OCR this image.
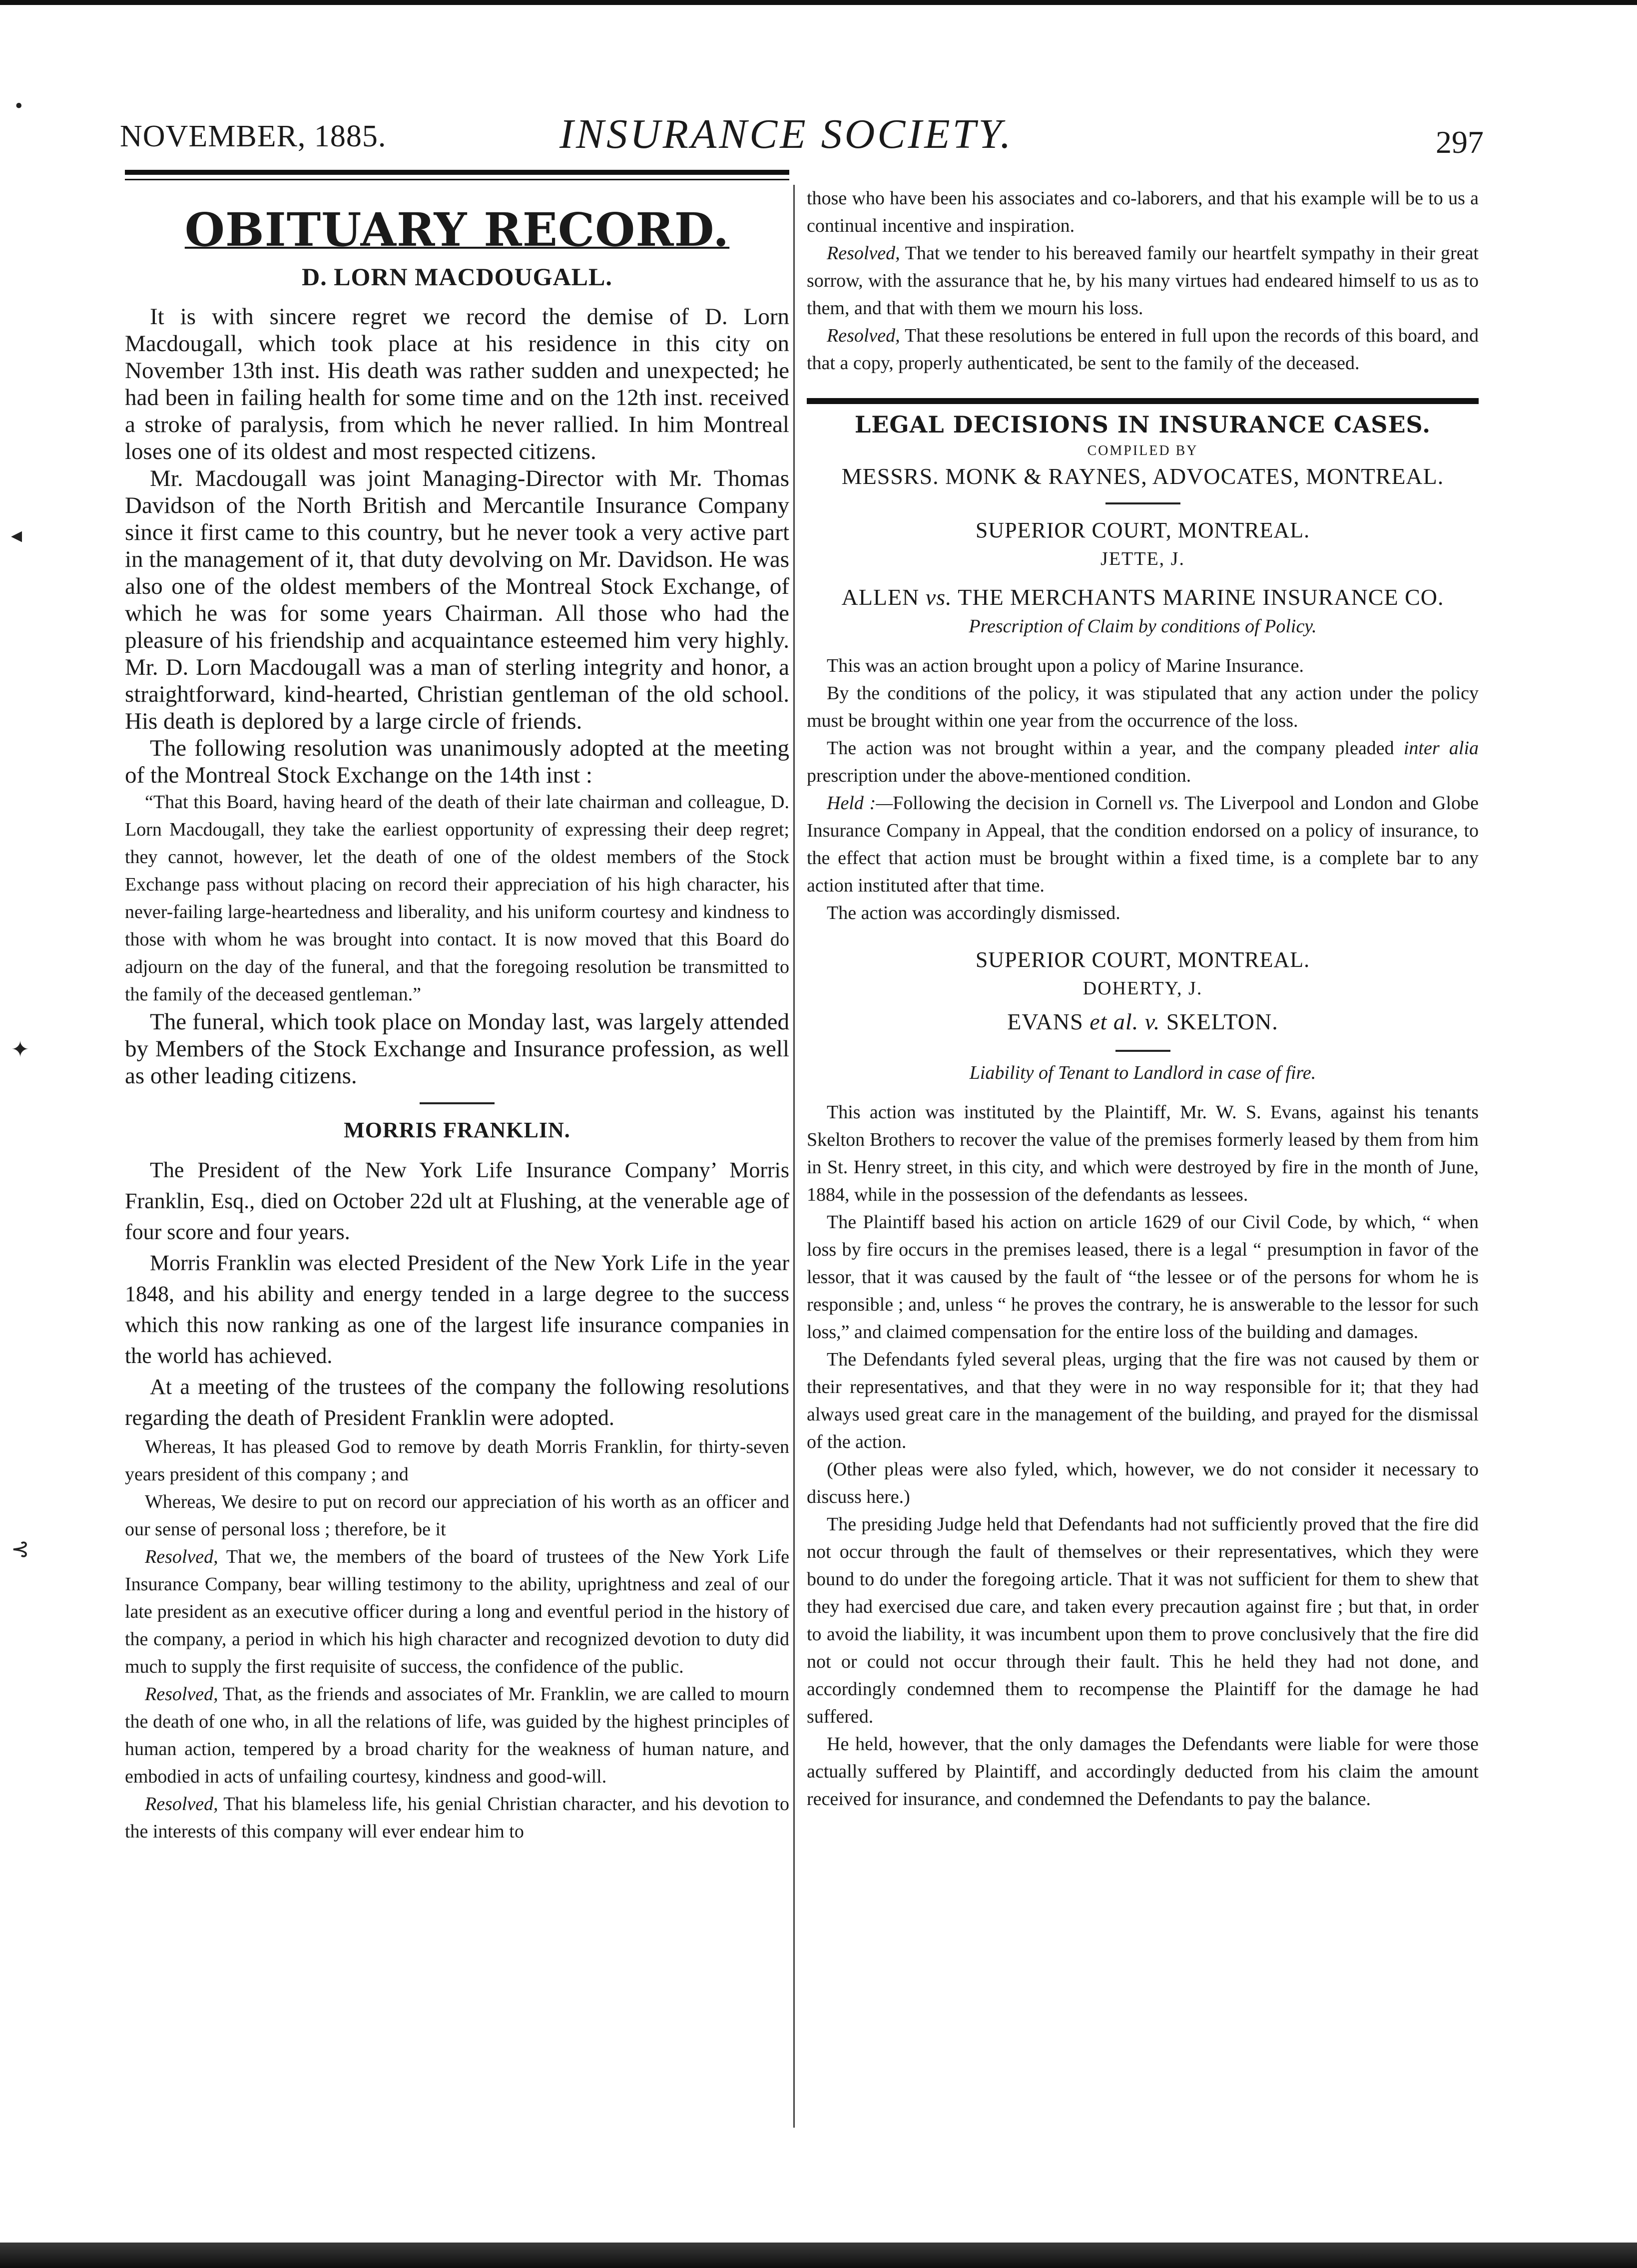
•
◂
✦
⊰
NOVEMBER, 1885.	INSURANCE SOCIETY.	297
OBITUARY RECORD.
D. LORN MACDOUGALL.

It is with sincere regret we record the demise of D. Lorn Macdougall, which took place at his residence in this city on November 13th inst. His death was rather sudden and unexpected; he had been in failing health for some time and on the 12th inst. received a stroke of paralysis, from which he never rallied. In him Montreal loses one of its oldest and most respected citizens.

Mr. Macdougall was joint Managing-Director with Mr. Thomas Davidson of the North British and Mercantile Insurance Company since it first came to this country, but he never took a very active part in the management of it, that duty devolving on Mr. Davidson. He was also one of the oldest members of the Montreal Stock Exchange, of which he was for some years Chairman. All those who had the pleasure of his friendship and acquaintance esteemed him very highly. Mr. D. Lorn Macdougall was a man of sterling integrity and honor, a straightforward, kind-hearted, Christian gentleman of the old school. His death is deplored by a large circle of friends.

The following resolution was unanimously adopted at the meeting of the Montreal Stock Exchange on the 14th inst :

“That this Board, having heard of the death of their late chairman and colleague, D. Lorn Macdougall, they take the earliest opportunity of expressing their deep regret; they cannot, however, let the death of one of the oldest members of the Stock Exchange pass without placing on record their appreciation of his high character, his never-failing large-heartedness and liberality, and his uniform courtesy and kindness to those with whom he was brought into contact. It is now moved that this Board do adjourn on the day of the funeral, and that the foregoing resolution be transmitted to the family of the deceased gentleman.”

The funeral, which took place on Monday last, was largely attended by Members of the Stock Exchange and Insurance profession, as well as other leading citizens.

MORRIS FRANKLIN.

The President of the New York Life Insurance Company’ Morris Franklin, Esq., died on October 22d ult at Flushing, at the venerable age of four score and four years.

Morris Franklin was elected President of the New York Life in the year 1848, and his ability and energy tended in a large degree to the success which this now ranking as one of the largest life insurance companies in the world has achieved.

At a meeting of the trustees of the company the following resolutions regarding the death of President Franklin were adopted.

Whereas, It has pleased God to remove by death Morris Franklin, for thirty-seven years president of this company ; and

Whereas, We desire to put on record our appreciation of his worth as an officer and our sense of personal loss ; therefore, be it

Resolved, That we, the members of the board of trustees of the New York Life Insurance Company, bear willing testimony to the ability, uprightness and zeal of our late president as an executive officer during a long and eventful period in the history of the company, a period in which his high character and recognized devotion to duty did much to supply the first requisite of success, the confidence of the public.

Resolved, That, as the friends and associates of Mr. Franklin, we are called to mourn the death of one who, in all the relations of life, was guided by the highest principles of human action, tempered by a broad charity for the weakness of human nature, and embodied in acts of unfailing courtesy, kindness and good-will.

Resolved, That his blameless life, his genial Christian character, and his devotion to the interests of this company will ever endear him to

those who have been his associates and co-laborers, and that his example will be to us a continual incentive and inspiration.

Resolved, That we tender to his bereaved family our heartfelt sympathy in their great sorrow, with the assurance that he, by his many virtues had endeared himself to us as to them, and that with them we mourn his loss.

Resolved, That these resolutions be entered in full upon the records of this board, and that a copy, properly authenticated, be sent to the family of the deceased.

LEGAL DECISIONS IN INSURANCE CASES.
COMPILED BY
MESSRS. MONK & RAYNES, ADVOCATES, MONTREAL.
SUPERIOR COURT, MONTREAL.
JETTE, J.
ALLEN vs. THE MERCHANTS MARINE INSURANCE CO.
Prescription of Claim by conditions of Policy.

This was an action brought upon a policy of Marine Insurance.

By the conditions of the policy, it was stipulated that any action under the policy must be brought within one year from the occurrence of the loss.

The action was not brought within a year, and the company pleaded inter alia prescription under the above-mentioned condition.

Held :—Following the decision in Cornell vs. The Liverpool and London and Globe Insurance Company in Appeal, that the condition endorsed on a policy of insurance, to the effect that action must be brought within a fixed time, is a complete bar to any action instituted after that time.

The action was accordingly dismissed.

SUPERIOR COURT, MONTREAL.
DOHERTY, J.
EVANS et al. v. SKELTON.
Liability of Tenant to Landlord in case of fire.

This action was instituted by the Plaintiff, Mr. W. S. Evans, against his tenants Skelton Brothers to recover the value of the premises formerly leased by them from him in St. Henry street, in this city, and which were destroyed by fire in the month of June, 1884, while in the possession of the defendants as lessees.

The Plaintiff based his action on article 1629 of our Civil Code, by which, “ when loss by fire occurs in the premises leased, there is a legal “ presumption in favor of the lessor, that it was caused by the fault of “the lessee or of the persons for whom he is responsible ; and, unless “ he proves the contrary, he is answerable to the lessor for such loss,” and claimed compensation for the entire loss of the building and damages.

The Defendants fyled several pleas, urging that the fire was not caused by them or their representatives, and that they were in no way responsible for it; that they had always used great care in the management of the building, and prayed for the dismissal of the action.

(Other pleas were also fyled, which, however, we do not consider it necessary to discuss here.)

The presiding Judge held that Defendants had not sufficiently proved that the fire did not occur through the fault of themselves or their representatives, which they were bound to do under the foregoing article. That it was not sufficient for them to shew that they had exercised due care, and taken every precaution against fire ; but that, in order to avoid the liability, it was incumbent upon them to prove conclusively that the fire did not or could not occur through their fault. This he held they had not done, and accordingly condemned them to recompense the Plaintiff for the damage he had suffered.

He held, however, that the only damages the Defendants were liable for were those actually suffered by Plaintiff, and accordingly deducted from his claim the amount received for insurance, and condemned the Defendants to pay the balance.
